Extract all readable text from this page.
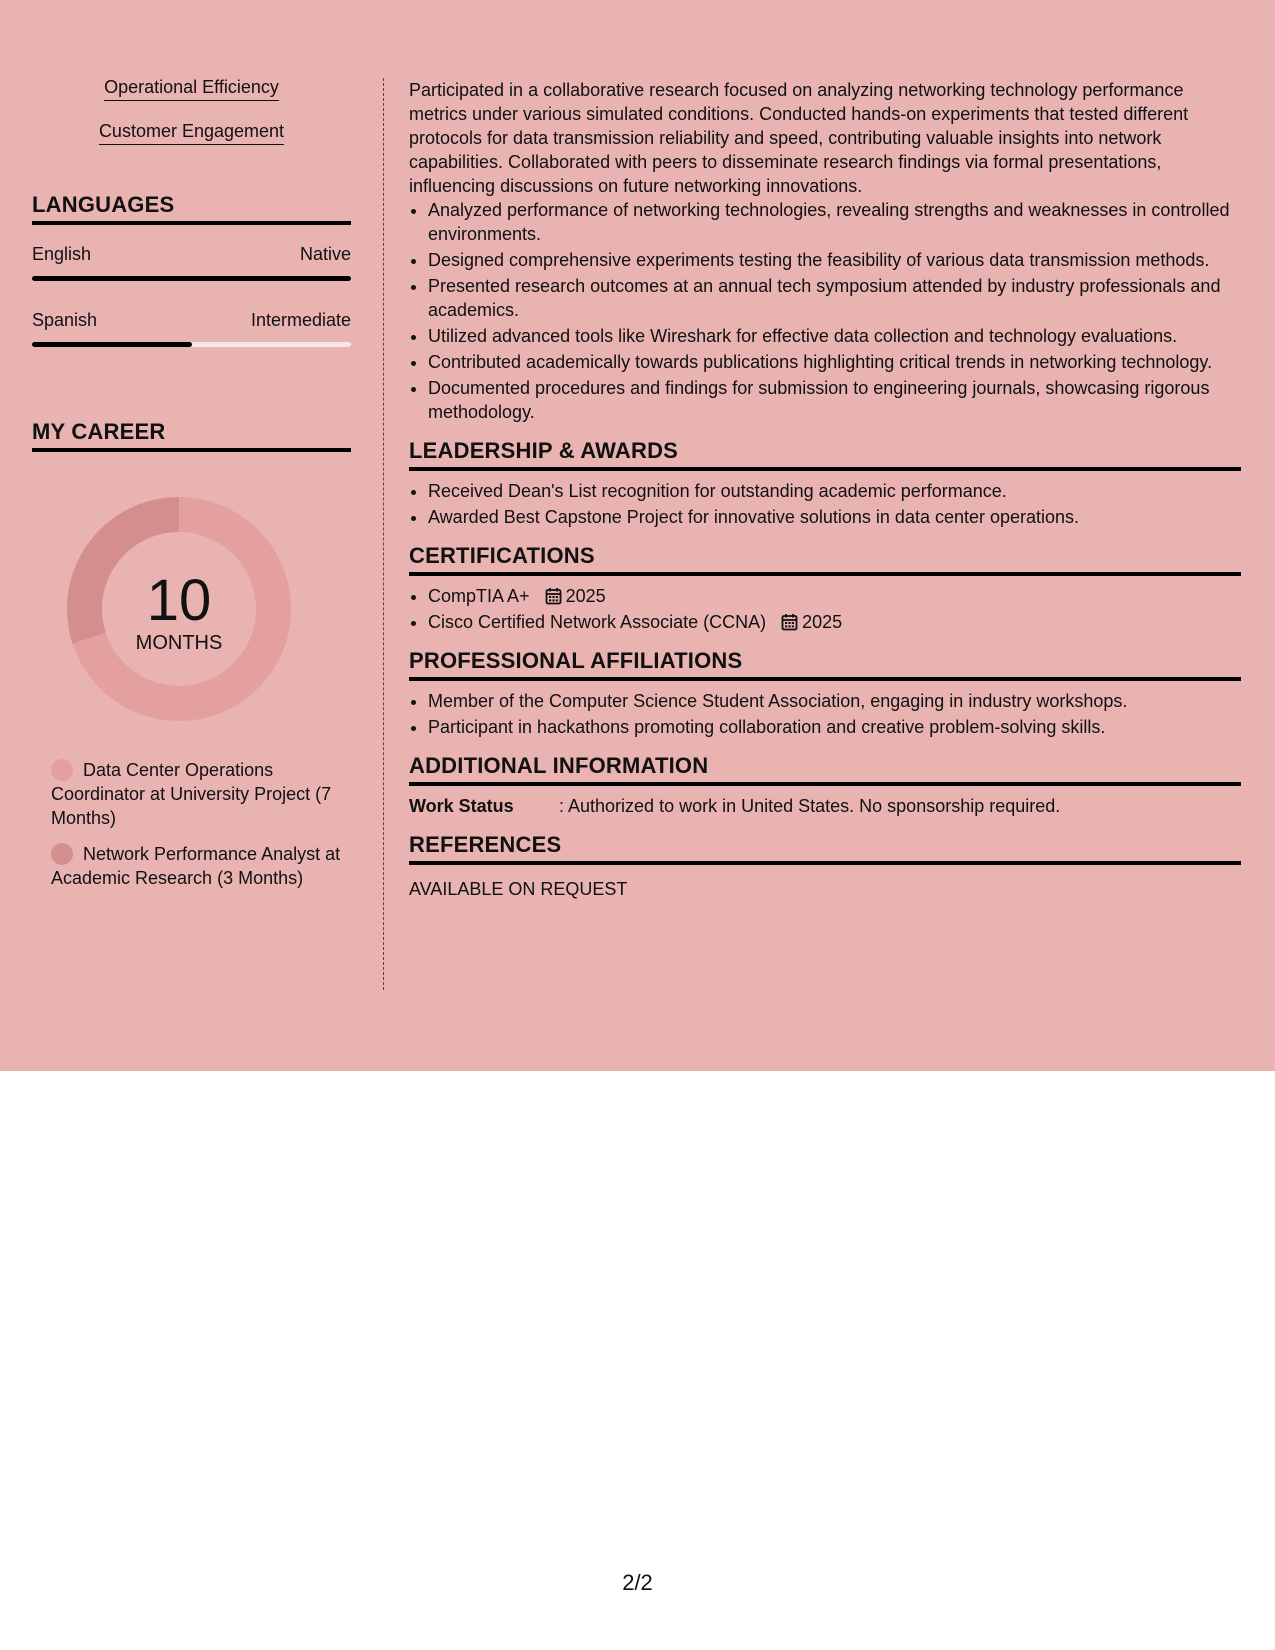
Operational Efficiency
Customer Engagement
LANGUAGES
English	Native
Spanish	Intermediate
MY CAREER
10
MONTHS
Data Center Operations Coordinator at University Project (7 Months)
Network Performance Analyst at Academic Research (3 Months)

Participated in a collaborative research focused on analyzing networking technology performance metrics under various simulated conditions. Conducted hands-on experiments that tested different protocols for data transmission reliability and speed, contributing valuable insights into network capabilities. Collaborated with peers to disseminate research findings via formal presentations, influencing discussions on future networking innovations.

• Analyzed performance of networking technologies, revealing strengths and weaknesses in controlled environments.
• Designed comprehensive experiments testing the feasibility of various data transmission methods.
• Presented research outcomes at an annual tech symposium attended by industry professionals and academics.
• Utilized advanced tools like Wireshark for effective data collection and technology evaluations.
• Contributed academically towards publications highlighting critical trends in networking technology.
• Documented procedures and findings for submission to engineering journals, showcasing rigorous methodology.
LEADERSHIP & AWARDS
• Received Dean's List recognition for outstanding academic performance.
• Awarded Best Capstone Project for innovative solutions in data center operations.
CERTIFICATIONS
• CompTIA A+ 2025
• Cisco Certified Network Associate (CCNA) 2025
PROFESSIONAL AFFILIATIONS
• Member of the Computer Science Student Association, engaging in industry workshops.
• Participant in hackathons promoting collaboration and creative problem-solving skills.
ADDITIONAL INFORMATION
Work Status	: Authorized to work in United States. No sponsorship required.
REFERENCES
AVAILABLE ON REQUEST
2/2
